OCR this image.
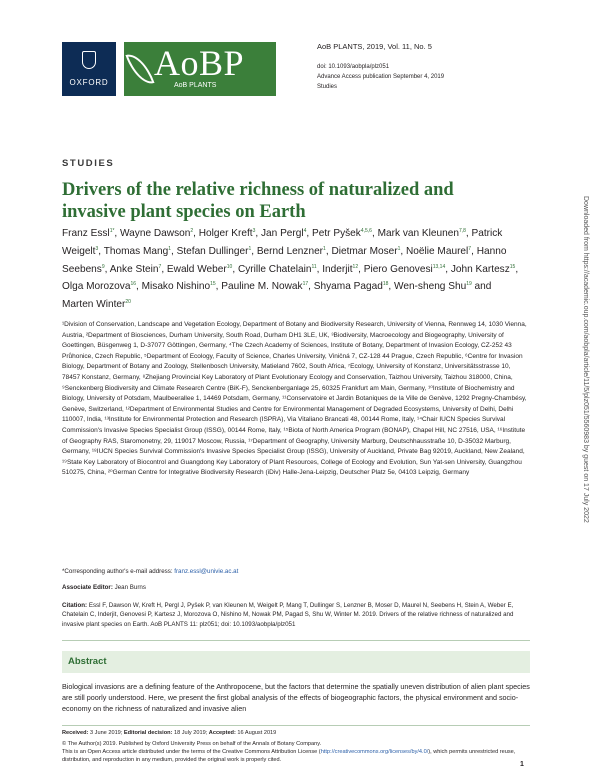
OXFORD AoBP
AoB PLANTS
AoB PLANTS, 2019, Vol. 11, No. 5
doi: 10.1093/aobpla/plz051
Advance Access publication September 4, 2019
Studies
STUDIES
Drivers of the relative richness of naturalized and invasive plant species on Earth
Franz Essl$^{1*}$, Wayne Dawson$^2$, Holger Kreft$^3$, Jan Pergl$^4$, Petr Pyšek$^{4,5,6}$, Mark van Kleunen$^{7,8}$, Patrick Weigelt$^3$, Thomas Mang$^1$, Stefan Dullinger$^1$, Bernd Lenzner$^1$, Dietmar Moser$^1$, Noëlie Maurel$^7$, Hanno Seebens$^9$, Anke Stein$^7$, Ewald Weber$^{10}$, Cyrille Chatelain$^{11}$, Inderjit$^{12}$, Piero Genovesi$^{13,14}$, John Kartesz$^{15}$, Olga Morozova$^{16}$, Misako Nishino$^{15}$, Pauline M. Nowak$^{17}$, Shyama Pagad$^{18}$, Wen-sheng Shu$^{19}$ and Marten Winter$^{20}$
¹Division of Conservation, Landscape and Vegetation Ecology, Department of Botany and Biodiversity Research, University of Vienna, Rennweg 14, 1030 Vienna, Austria, ²Department of Biosciences, Durham University, South Road, Durham DH1 3LE, UK, ³Biodiversity, Macroecology and Biogeography, University of Goettingen, Büsgenweg 1, D-37077 Göttingen, Germany, ⁴The Czech Academy of Sciences, Institute of Botany, Department of Invasion Ecology, CZ-252 43 Průhonice, Czech Republic, ⁵Department of Ecology, Faculty of Science, Charles University, Viničná 7, CZ-128 44 Prague, Czech Republic, ⁶Centre for Invasion Biology, Department of Botany and Zoology, Stellenbosch University, Matieland 7602, South Africa, ⁷Ecology, University of Konstanz, Universitätsstrasse 10, 78457 Konstanz, Germany, ⁸Zhejiang Provincial Key Laboratory of Plant Evolutionary Ecology and Conservation, Taizhou University, Taizhou 318000, China, ⁹Senckenberg Biodiversity and Climate Research Centre (BiK-F), Senckenberganlage 25, 60325 Frankfurt am Main, Germany, ¹⁰Institute of Biochemistry and Biology, University of Potsdam, Maulbeerallee 1, 14469 Potsdam, Germany, ¹¹Conservatoire et Jardin Botaniques de la Ville de Genève, 1292 Pregny-Chambésy, Genève, Switzerland, ¹²Department of Environmental Studies and Centre for Environmental Management of Degraded Ecosystems, University of Delhi, Delhi 110007, India, ¹³Institute for Environmental Protection and Research (ISPRA), Via Vitaliano Brancati 48, 00144 Rome, Italy, ¹⁴Chair IUCN Species Survival Commission's Invasive Species Specialist Group (ISSG), 00144 Rome, Italy, ¹⁵Biota of North America Program (BONAP), Chapel Hill, NC 27516, USA, ¹⁶Institute of Geography RAS, Staromonetny, 29, 119017 Moscow, Russia, ¹⁷Department of Geography, University Marburg, Deutschhausstraße 10, D-35032 Marburg, Germany, ¹⁸IUCN Species Survival Commission's Invasive Species Specialist Group (ISSG), University of Auckland, Private Bag 92019, Auckland, New Zealand, ¹⁹State Key Laboratory of Biocontrol and Guangdong Key Laboratory of Plant Resources, College of Ecology and Evolution, Sun Yat-sen University, Guangzhou 510275, China, ²⁰German Centre for Integrative Biodiversity Research (iDiv) Halle-Jena-Leipzig, Deutscher Platz 5e, 04103 Leipzig, Germany
*Corresponding author's e-mail address: franz.essl@univie.ac.at
Associate Editor: Jean Burns
Citation: Essl F, Dawson W, Kreft H, Pergl J, Pyšek P, van Kleunen M, Weigelt P, Mang T, Dullinger S, Lenzner B, Moser D, Maurel N, Seebens H, Stein A, Weber E, Chatelain C, Inderjit, Genovesi P, Kartesz J, Morozova O, Nishino M, Nowak PM, Pagad S, Shu W, Winter M. 2019. Drivers of the relative richness of naturalized and invasive plant species on Earth. AoB PLANTS 11: plz051; doi: 10.1093/aobpla/plz051
Abstract
Biological invasions are a defining feature of the Anthropocene, but the factors that determine the spatially uneven distribution of alien plant species are still poorly understood. Here, we present the first global analysis of the effects of biogeographic factors, the physical environment and socio-economy on the richness of naturalized and invasive alien
Received: 3 June 2019; Editorial decision: 18 July 2019; Accepted: 16 August 2019
© The Author(s) 2019. Published by Oxford University Press on behalf of the Annals of Botany Company.
This is an Open Access article distributed under the terms of the Creative Commons Attribution License (http://creativecommons.org/licenses/by/4.0/), which permits unrestricted reuse, distribution, and reproduction in any medium, provided the original work is properly cited.
1
Downloaded from https://academic.oup.com/aobpla/article/11/5/plz051/5560983 by guest on 17 July 2022
